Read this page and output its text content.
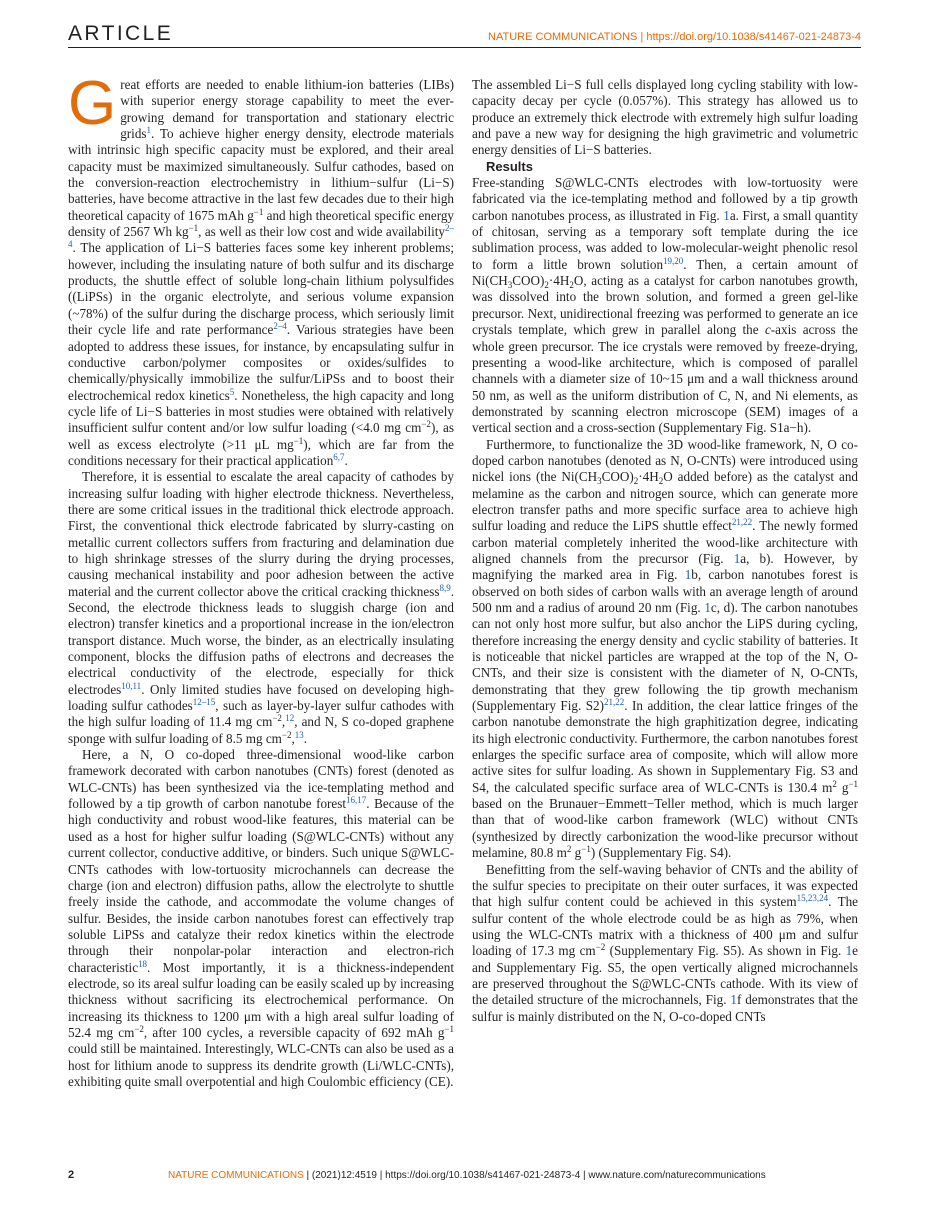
ARTICLE	NATURE COMMUNICATIONS | https://doi.org/10.1038/s41467-021-24873-4

Great efforts are needed to enable lithium-ion batteries (LIBs) with superior energy storage capability to meet the ever-growing demand for transportation and stationary electric grids$^1$. To achieve higher energy density, electrode materials with intrinsic high specific capacity must be explored, and their areal capacity must be maximized simultaneously. Sulfur cathodes, based on the conversion-reaction electrochemistry in lithium−sulfur (Li−S) batteries, have become attractive in the last few decades due to their high theoretical capacity of 1675 mAh $g^{-1}$ and high theoretical specific energy density of 2567 Wh $kg^{-1}$, as well as their low cost and wide availability$^{2-4}$. The application of Li−S batteries faces some key inherent problems; however, including the insulating nature of both sulfur and its discharge products, the shuttle effect of soluble long-chain lithium polysulfides ((LiPSs) in the organic electrolyte, and serious volume expansion (~78%) of the sulfur during the discharge process, which seriously limit their cycle life and rate performance$^{2-4}$. Various strategies have been adopted to address these issues, for instance, by encapsulating sulfur in conductive carbon/polymer composites or oxides/sulfides to chemically/physically immobilize the sulfur/LiPSs and to boost their electrochemical redox kinetics$^5$. Nonetheless, the high capacity and long cycle life of Li−S batteries in most studies were obtained with relatively insufficient sulfur content and/or low sulfur loading (<4.0 mg $cm^{-2}$), as well as excess electrolyte (>11 μL $mg^{-1}$), which are far from the conditions necessary for their practical application$^{6,7}$.

Therefore, it is essential to escalate the areal capacity of cathodes by increasing sulfur loading with higher electrode thickness. Nevertheless, there are some critical issues in the traditional thick electrode approach. First, the conventional thick electrode fabricated by slurry-casting on metallic current collectors suffers from fracturing and delamination due to high shrinkage stresses of the slurry during the drying processes, causing mechanical instability and poor adhesion between the active material and the current collector above the critical cracking thickness$^{8,9}$. Second, the electrode thickness leads to sluggish charge (ion and electron) transfer kinetics and a proportional increase in the ion/electron transport distance. Much worse, the binder, as an electrically insulating component, blocks the diffusion paths of electrons and decreases the electrical conductivity of the electrode, especially for thick electrodes$^{10,11}$. Only limited studies have focused on developing high-loading sulfur cathodes$^{12-15}$, such as layer-by-layer sulfur cathodes with the high sulfur loading of 11.4 mg $cm^{-2},^{12}$, and N, S co-doped graphene sponge with sulfur loading of 8.5 mg $cm^{-2},^{13}$.

Here, a N, O co-doped three-dimensional wood-like carbon framework decorated with carbon nanotubes (CNTs) forest (denoted as WLC-CNTs) has been synthesized via the ice-templating method and followed by a tip growth of carbon nanotube forest$^{16,17}$. Because of the high conductivity and robust wood-like features, this material can be used as a host for higher sulfur loading (S@WLC-CNTs) without any current collector, conductive additive, or binders. Such unique S@WLC-CNTs cathodes with low-tortuosity microchannels can decrease the charge (ion and electron) diffusion paths, allow the electrolyte to shuttle freely inside the cathode, and accommodate the volume changes of sulfur. Besides, the inside carbon nanotubes forest can effectively trap soluble LiPSs and catalyze their redox kinetics within the electrode through their nonpolar-polar interaction and electron-rich characteristic$^{18}$. Most importantly, it is a thickness-independent electrode, so its areal sulfur loading can be easily scaled up by increasing thickness without sacrificing its electrochemical performance. On increasing its thickness to 1200 μm with a high areal sulfur loading of 52.4 mg $cm^{-2}$, after 100 cycles, a reversible capacity of 692 mAh $g^{-1}$ could still be maintained. Interestingly, WLC-CNTs can also be used as a host for lithium anode to suppress its dendrite growth (Li/WLC-CNTs), exhibiting quite small overpotential and high Coulombic efficiency (CE).

The assembled Li−S full cells displayed long cycling stability with low-capacity decay per cycle (0.057%). This strategy has allowed us to produce an extremely thick electrode with extremely high sulfur loading and pave a new way for designing the high gravimetric and volumetric energy densities of Li−S batteries.

Results

Free-standing S@WLC-CNTs electrodes with low-tortuosity were fabricated via the ice-templating method and followed by a tip growth carbon nanotubes process, as illustrated in Fig. 1a. First, a small quantity of chitosan, serving as a temporary soft template during the ice sublimation process, was added to low-molecular-weight phenolic resol to form a little brown solution$^{19,20}$. Then, a certain amount of $Ni(CH_3COO)_2\cdot 4H_2O$, acting as a catalyst for carbon nanotubes growth, was dissolved into the brown solution, and formed a green gel-like precursor. Next, unidirectional freezing was performed to generate an ice crystals template, which grew in parallel along the c-axis across the whole green precursor. The ice crystals were removed by freeze-drying, presenting a wood-like architecture, which is composed of parallel channels with a diameter size of 10~15 μm and a wall thickness around 50 nm, as well as the uniform distribution of C, N, and Ni elements, as demonstrated by scanning electron microscope (SEM) images of a vertical section and a cross-section (Supplementary Fig. S1a−h).

Furthermore, to functionalize the 3D wood-like framework, N, O co-doped carbon nanotubes (denoted as N, O-CNTs) were introduced using nickel ions (the $Ni(CH_3COO)_2\cdot 4H_2O$ added before) as the catalyst and melamine as the carbon and nitrogen source, which can generate more electron transfer paths and more specific surface area to achieve high sulfur loading and reduce the LiPS shuttle effect$^{21,22}$. The newly formed carbon material completely inherited the wood-like architecture with aligned channels from the precursor (Fig. 1a, b). However, by magnifying the marked area in Fig. 1b, carbon nanotubes forest is observed on both sides of carbon walls with an average length of around 500 nm and a radius of around 20 nm (Fig. 1c, d). The carbon nanotubes can not only host more sulfur, but also anchor the LiPS during cycling, therefore increasing the energy density and cyclic stability of batteries. It is noticeable that nickel particles are wrapped at the top of the N, O-CNTs, and their size is consistent with the diameter of N, O-CNTs, demonstrating that they grew following the tip growth mechanism (Supplementary Fig. S2)$^{21,22}$. In addition, the clear lattice fringes of the carbon nanotube demonstrate the high graphitization degree, indicating its high electronic conductivity. Furthermore, the carbon nanotubes forest enlarges the specific surface area of composite, which will allow more active sites for sulfur loading. As shown in Supplementary Fig. S3 and S4, the calculated specific surface area of WLC-CNTs is 130.4 $m^2$ $g^{-1}$ based on the Brunauer−Emmett−Teller method, which is much larger than that of wood-like carbon framework (WLC) without CNTs (synthesized by directly carbonization the wood-like precursor without melamine, 80.8 $m^2$ $g^{-1}$) (Supplementary Fig. S4).

Benefitting from the self-waving behavior of CNTs and the ability of the sulfur species to precipitate on their outer surfaces, it was expected that high sulfur content could be achieved in this system$^{15,23,24}$. The sulfur content of the whole electrode could be as high as 79%, when using the WLC-CNTs matrix with a thickness of 400 μm and sulfur loading of 17.3 mg $cm^{-2}$ (Supplementary Fig. S5). As shown in Fig. 1e and Supplementary Fig. S5, the open vertically aligned microchannels are preserved throughout the S@WLC-CNTs cathode. With its view of the detailed structure of the microchannels, Fig. 1f demonstrates that the sulfur is mainly distributed on the N, O-co-doped CNTs

2	NATURE COMMUNICATIONS | (2021)12:4519 | https://doi.org/10.1038/s41467-021-24873-4 | www.nature.com/naturecommunications
